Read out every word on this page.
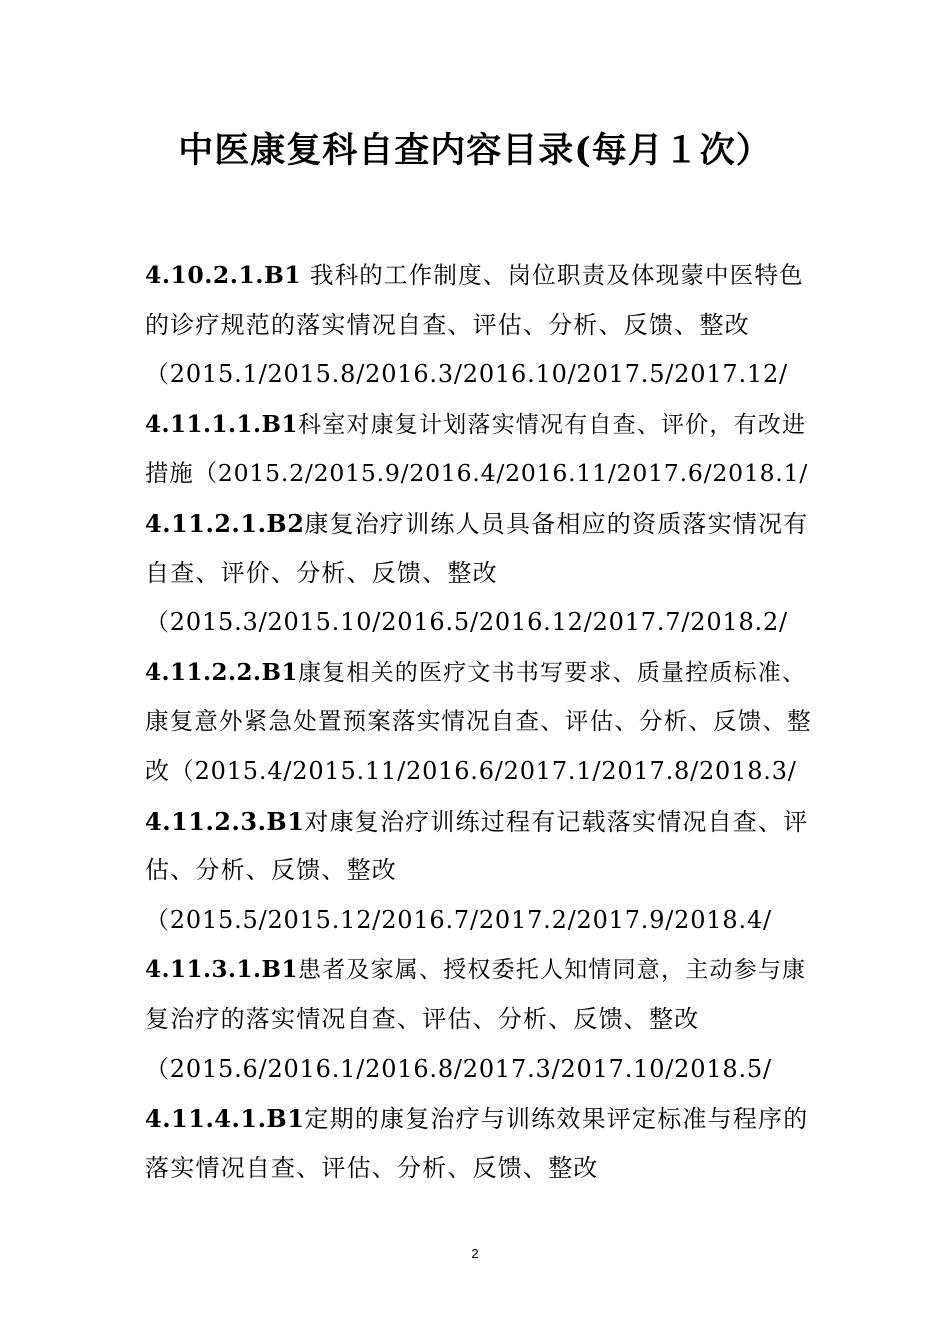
中医康复科自查内容目录(每月１次）
4.10.2.1.B1 我科的工作制度、岗位职责及体现蒙中医特色
的诊疗规范的落实情况自查、评估、分析、反馈、整改
（2015.1/2015.8/2016.3/2016.10/2017.5/2017.12/
4.11.1.1.B1科室对康复计划落实情况有自查、评价，有改进
措施（2015.2/2015.9/2016.4/2016.11/2017.6/2018.1/
4.11.2.1.B2康复治疗训练人员具备相应的资质落实情况有
自查、评价、分析、反馈、整改
（2015.3/2015.10/2016.5/2016.12/2017.7/2018.2/
4.11.2.2.B1康复相关的医疗文书书写要求、质量控质标准、
康复意外紧急处置预案落实情况自查、评估、分析、反馈、整
改（2015.4/2015.11/2016.6/2017.1/2017.8/2018.3/
4.11.2.3.B1对康复治疗训练过程有记载落实情况自查、评
估、分析、反馈、整改
（2015.5/2015.12/2016.7/2017.2/2017.9/2018.4/
4.11.3.1.B1患者及家属、授权委托人知情同意，主动参与康
复治疗的落实情况自查、评估、分析、反馈、整改
（2015.6/2016.1/2016.8/2017.3/2017.10/2018.5/
4.11.4.1.B1定期的康复治疗与训练效果评定标准与程序的
落实情况自查、评估、分析、反馈、整改
2
